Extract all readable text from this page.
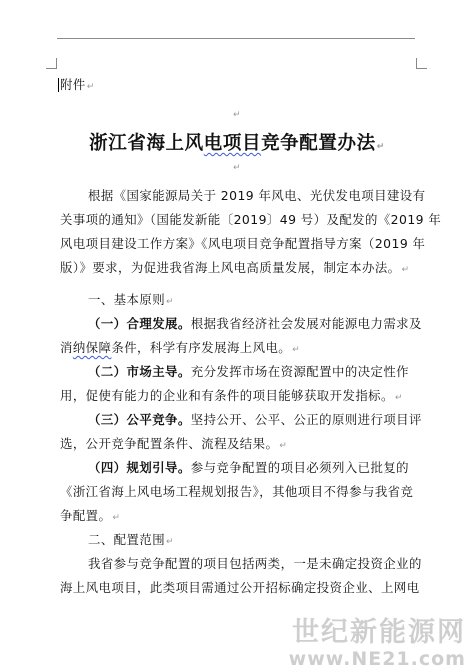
附件↵
↵
浙江省海上风电项目竞争配置办法↵
↵
根据《国家能源局关于 2019 年风电、光伏发电项目建设有
关事项的通知》（国能发新能〔2019〕49 号）及配发的《2019 年
风电项目建设工作方案》《风电项目竞争配置指导方案（2019 年
版）》要求，为促进我省海上风电高质量发展，制定本办法。↵
一、基本原则↵
（一）合理发展。根据我省经济社会发展对能源电力需求及
消纳保障条件，科学有序发展海上风电。↵
（二）市场主导。充分发挥市场在资源配置中的决定性作
用，促使有能力的企业和有条件的项目能够获取开发指标。↵
（三）公平竞争。坚持公开、公平、公正的原则进行项目评
选，公开竞争配置条件、流程及结果。↵
（四）规划引导。参与竞争配置的项目必须列入已批复的
《浙江省海上风电场工程规划报告》，其他项目不得参与我省竞
争配置。↵
二、配置范围↵
我省参与竞争配置的项目包括两类，一是未确定投资企业的
海上风电项目，此类项目需通过公开招标确定投资企业、上网电
世纪新能源网
www.NE21.com
